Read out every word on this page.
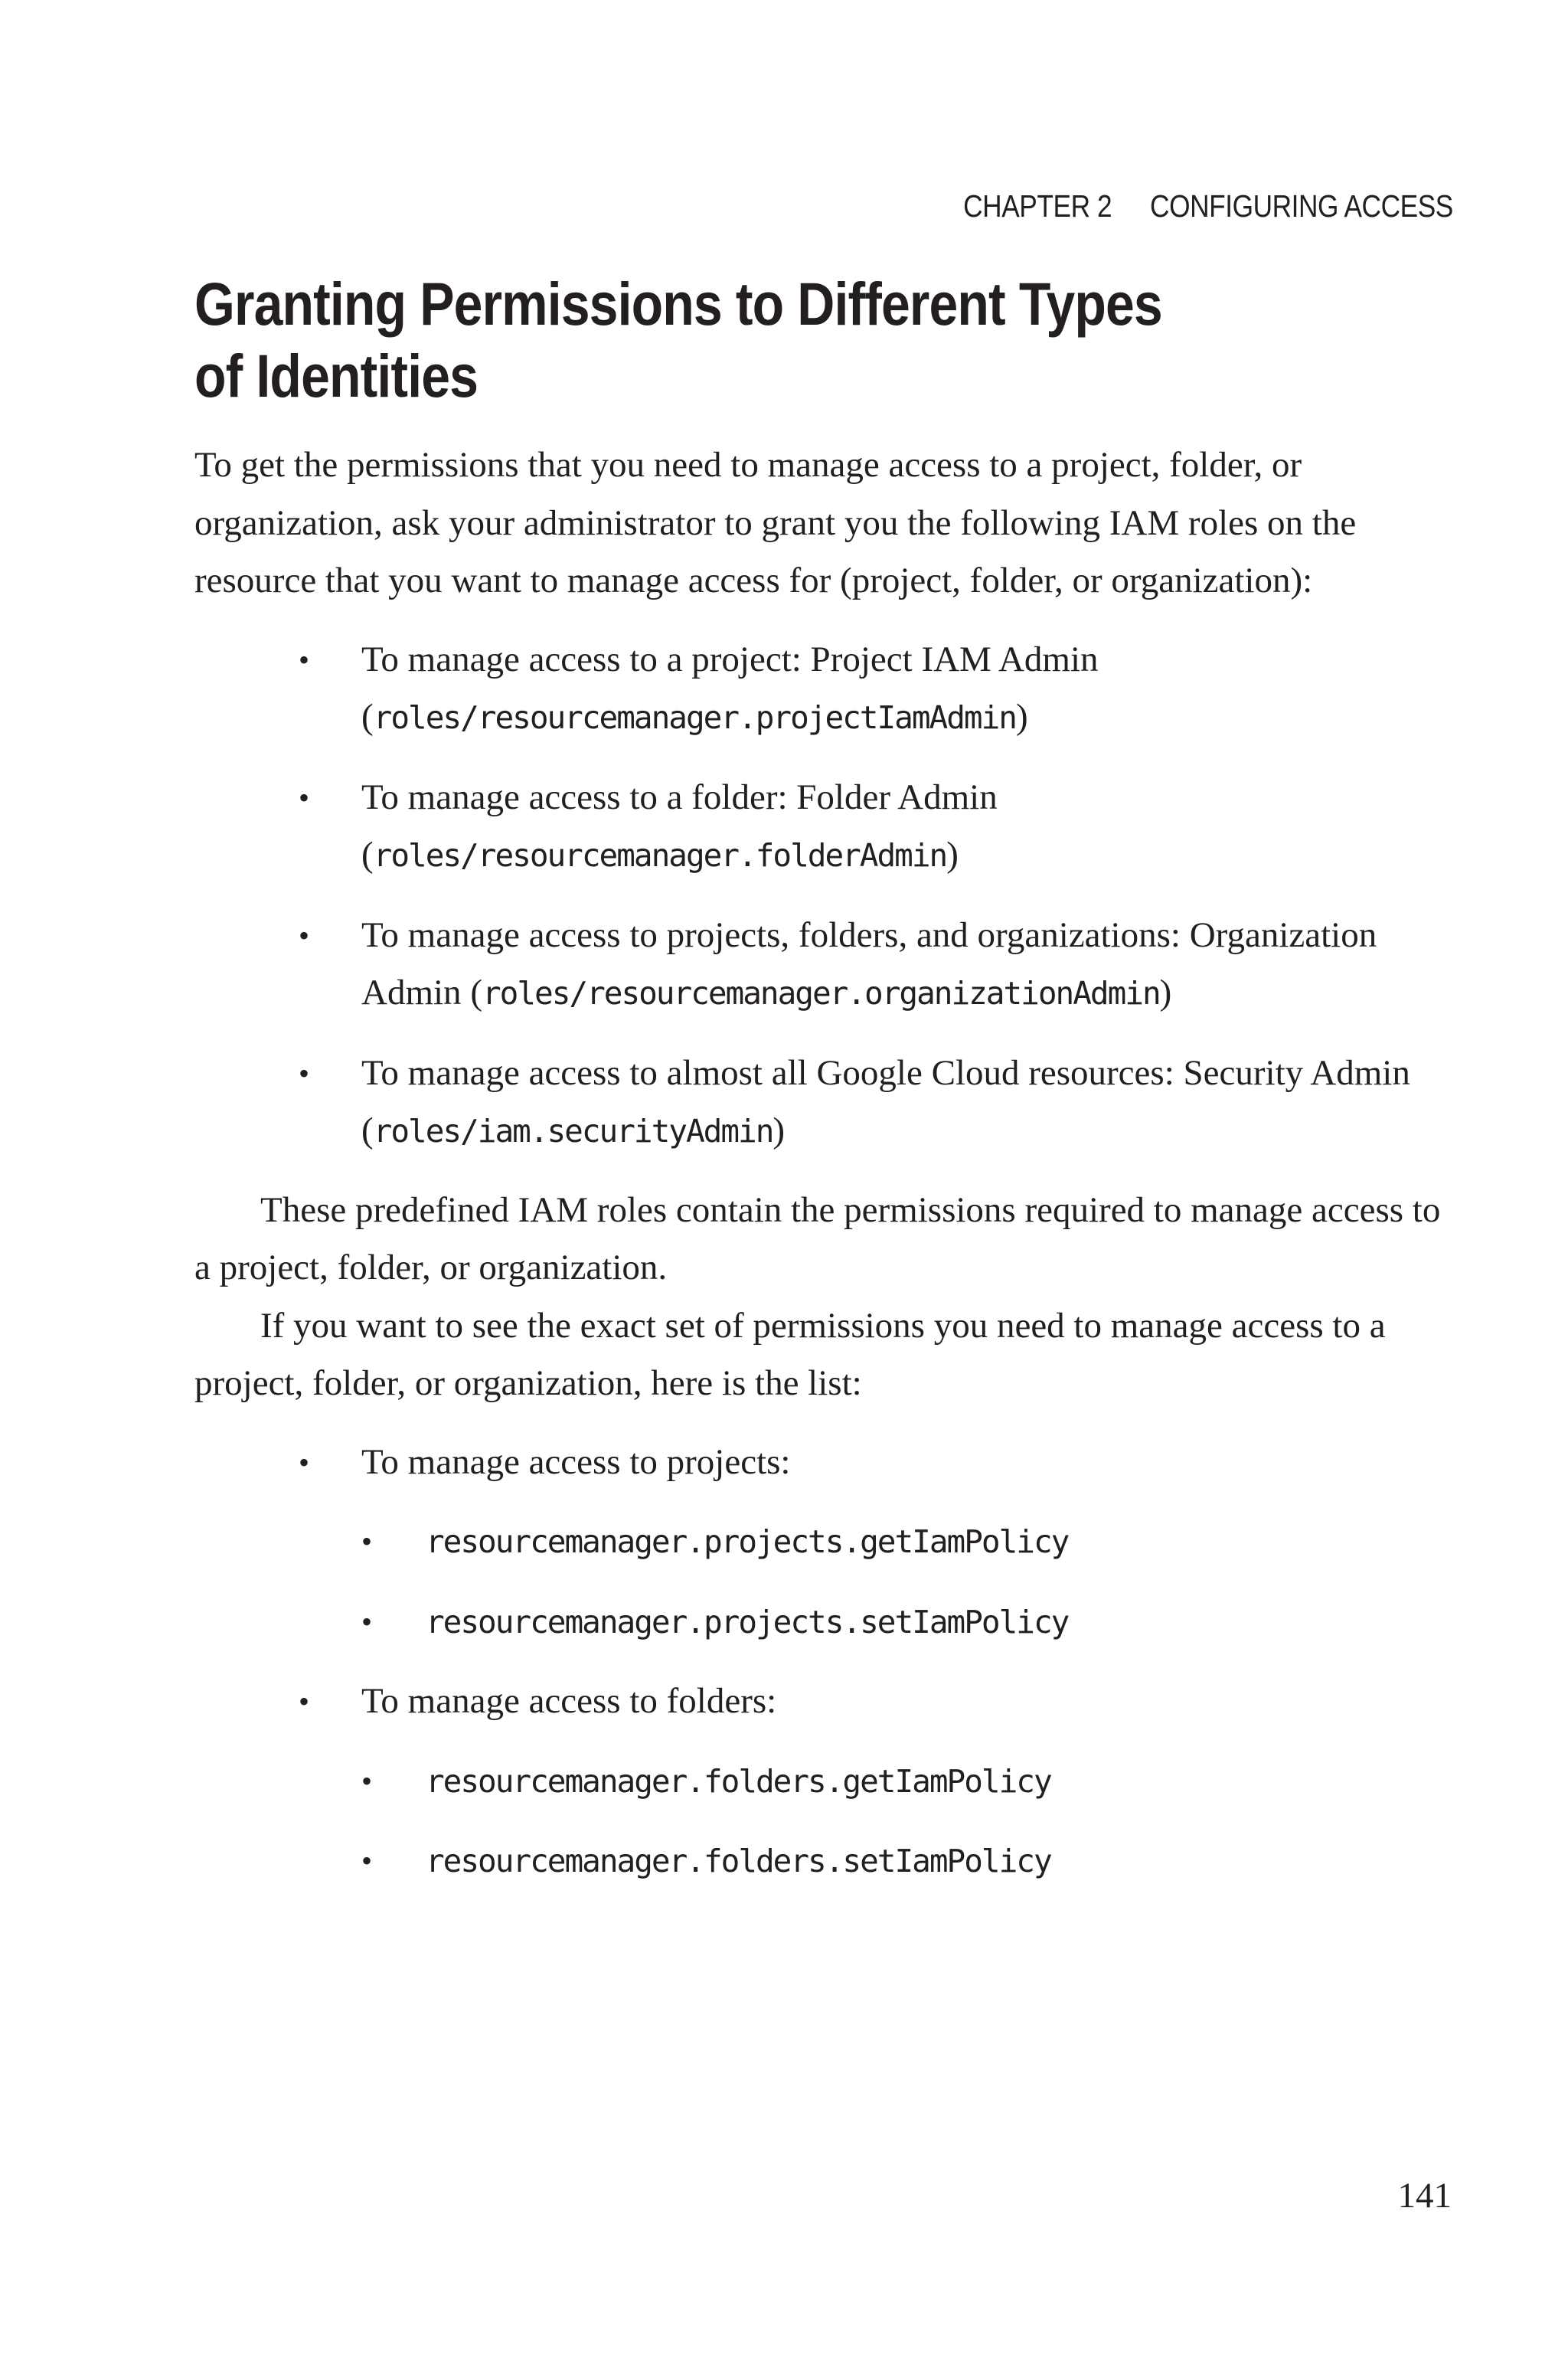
CHAPTER 2 CONFIGURING ACCESS
Granting Permissions to Different Types
of Identities

To get the permissions that you need to manage access to a project, folder, or organization, ask your administrator to grant you the following IAM roles on the resource that you want to manage access for (project, folder, or organization):

• To manage access to a project: Project IAM Admin
(roles/resourcemanager.projectIamAdmin)
• To manage access to a folder: Folder Admin (roles/resourcemanager.folderAdmin)
• To manage access to projects, folders, and organizations: Organization Admin (roles/resourcemanager.organizationAdmin)
• To manage access to almost all Google Cloud resources: Security Admin (roles/iam.securityAdmin)

These predefined IAM roles contain the permissions required to manage access to a project, folder, or organization.

If you want to see the exact set of permissions you need to manage access to a project, folder, or organization, here is the list:

• To manage access to projects:
• resourcemanager.projects.getIamPolicy
• resourcemanager.projects.setIamPolicy
• To manage access to folders:
• resourcemanager.folders.getIamPolicy
• resourcemanager.folders.setIamPolicy
141
